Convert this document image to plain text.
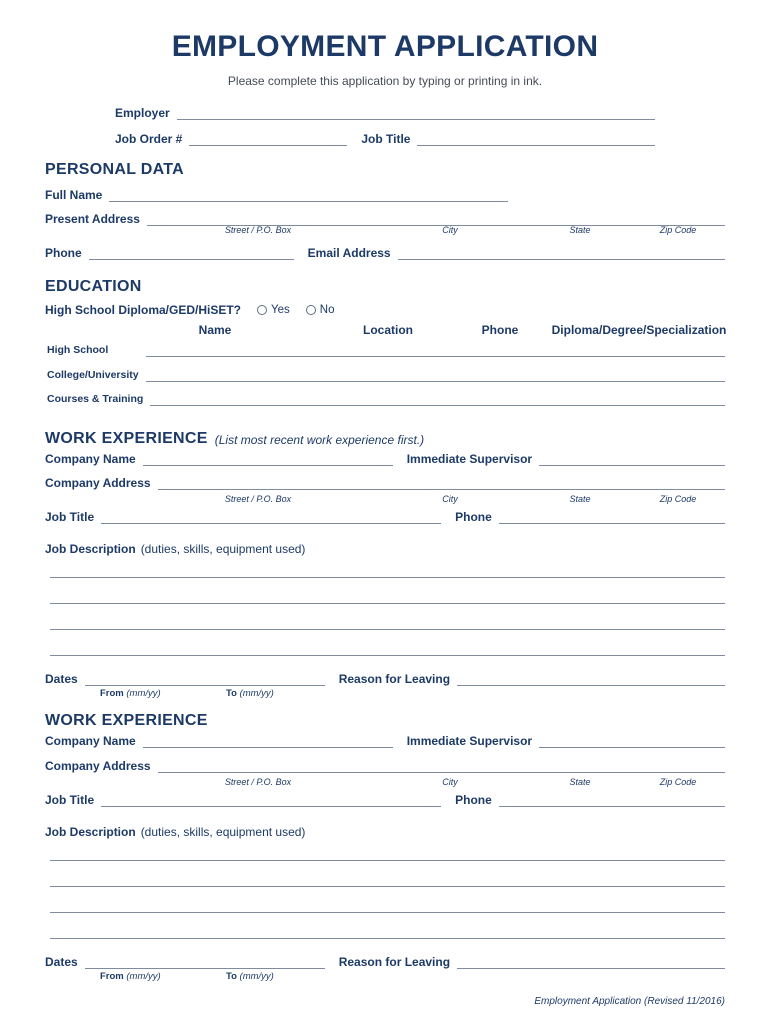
EMPLOYMENT APPLICATION
Please complete this application by typing or printing in ink.
Employer
Job Order #	Job Title
PERSONAL DATA
Full Name
Present Address
Street / P.O. Box	City	State	Zip Code
Phone	Email Address
EDUCATION
High School Diploma/GED/HiSET?	Yes	No
Name	Location	Phone	Diploma/Degree/Specialization
High School
College/University
Courses & Training
WORK EXPERIENCE (List most recent work experience first.)
Company Name	Immediate Supervisor
Company Address
Street / P.O. Box	City	State	Zip Code
Job Title	Phone
Job Description (duties, skills, equipment used)
Dates	Reason for Leaving
From (mm/yy)	To (mm/yy)
WORK EXPERIENCE
Company Name	Immediate Supervisor
Company Address
Street / P.O. Box	City	State	Zip Code
Job Title	Phone
Job Description (duties, skills, equipment used)
Dates	Reason for Leaving
From (mm/yy)	To (mm/yy)
Employment Application (Revised 11/2016)
